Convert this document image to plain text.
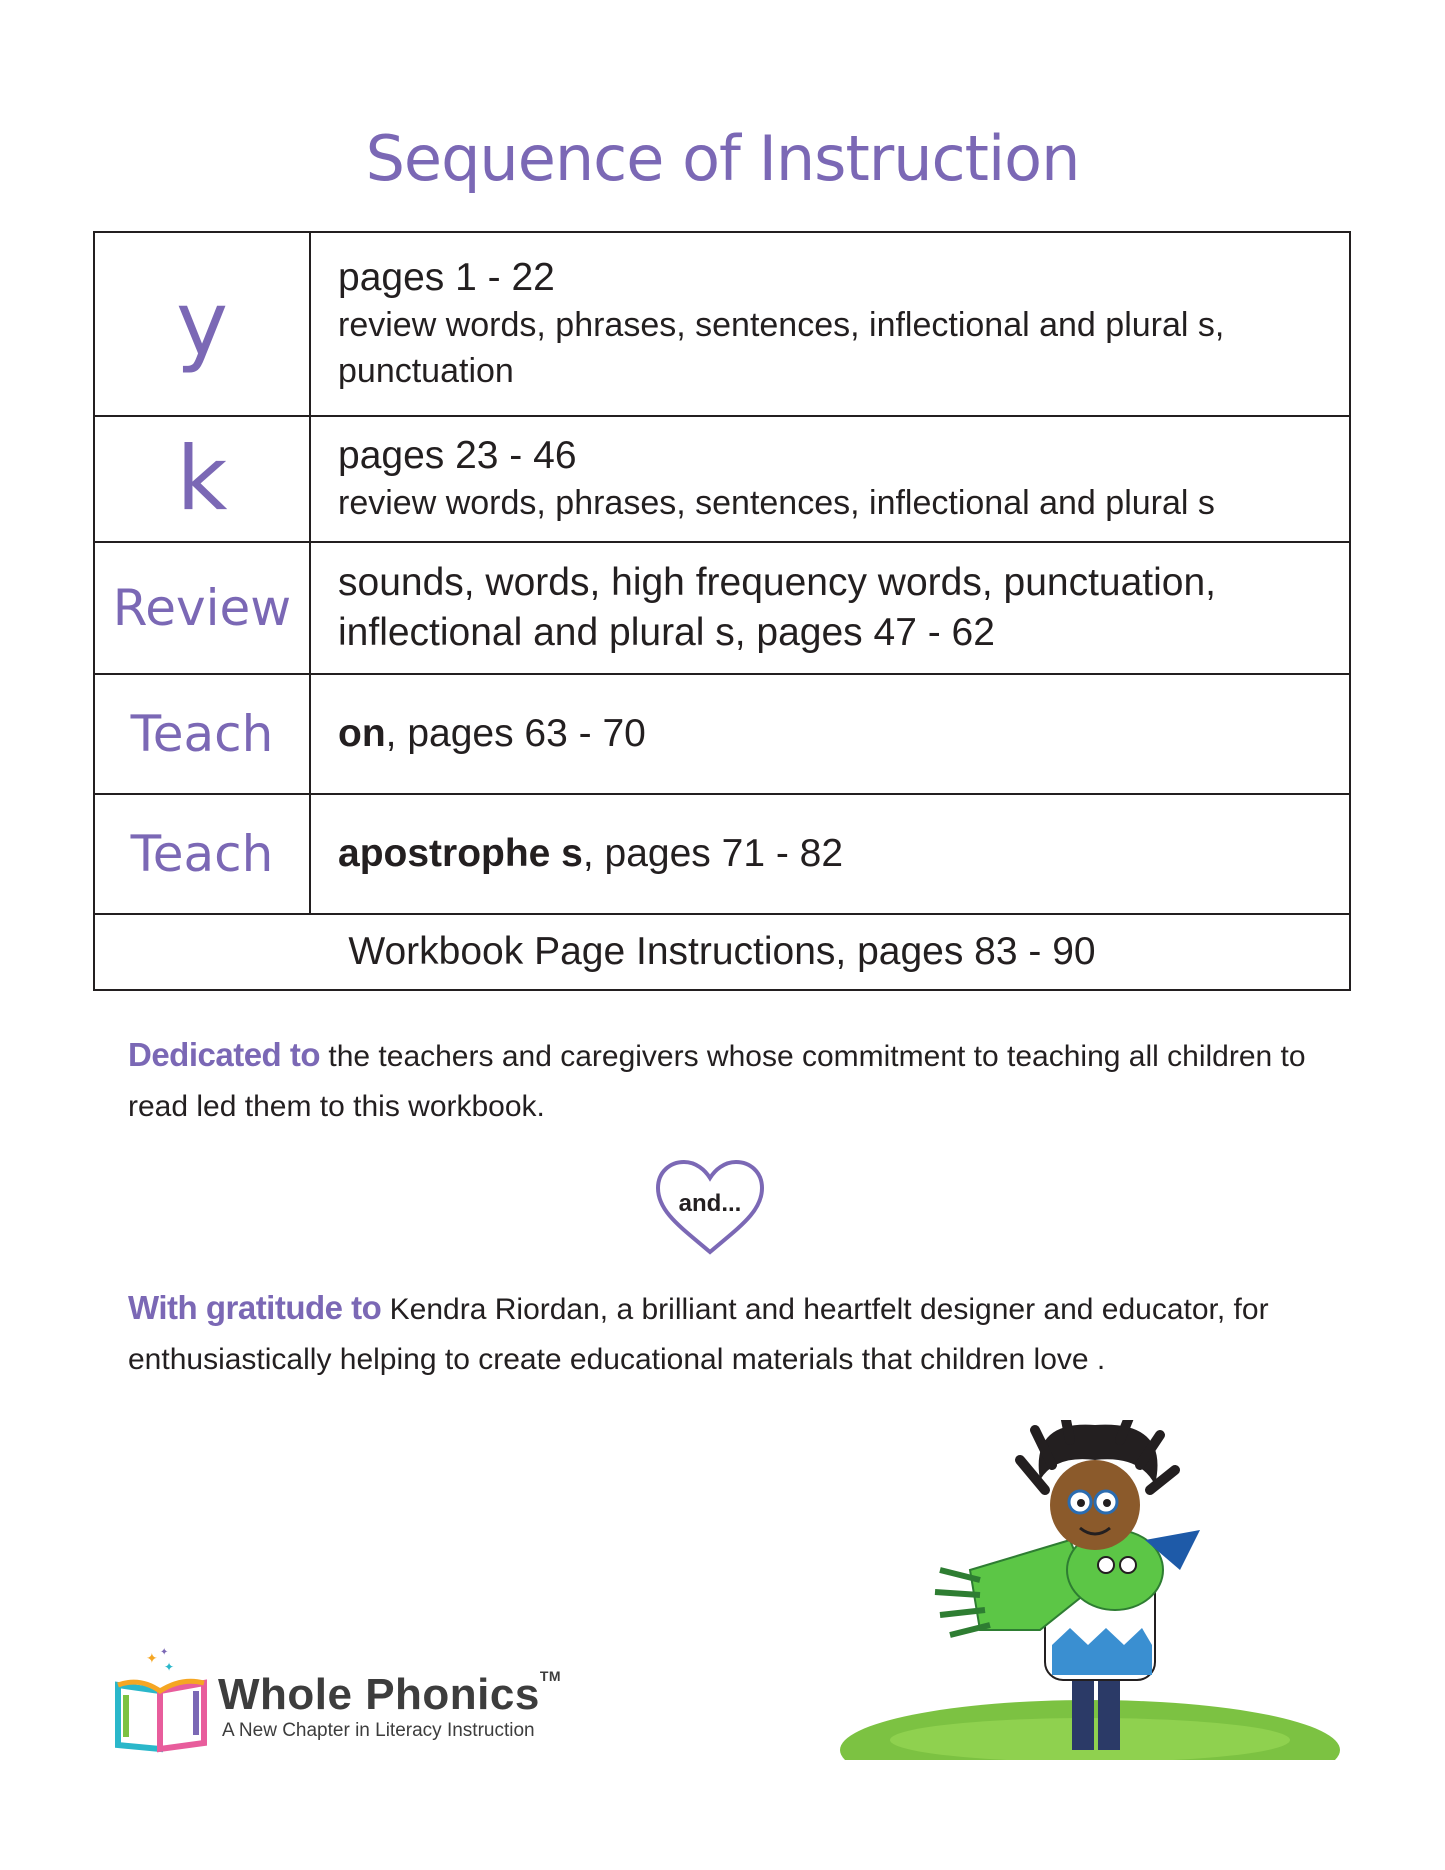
Sequence of Instruction
y	pages 1 - 22
review words, phrases, sentences, inflectional and plural s, punctuation

k	pages 23 - 46
review words, phrases, sentences, inflectional and plural s

Review	sounds, words, high frequency words, punctuation, inflectional and plural s, pages 47 - 62

Teach	on, pages 63 - 70
Teach	apostrophe s, pages 71 - 82
Workbook Page Instructions, pages 83 - 90	

Dedicated to the teachers and caregivers whose commitment to teaching all children to read led them to this workbook.

and...

With gratitude to Kendra Riordan, a brilliant and heartfelt designer and educator, for enthusiastically helping to create educational materials that children love .

✦ ✦
✦
Whole Phonics™
A New Chapter in Literacy Instruction
